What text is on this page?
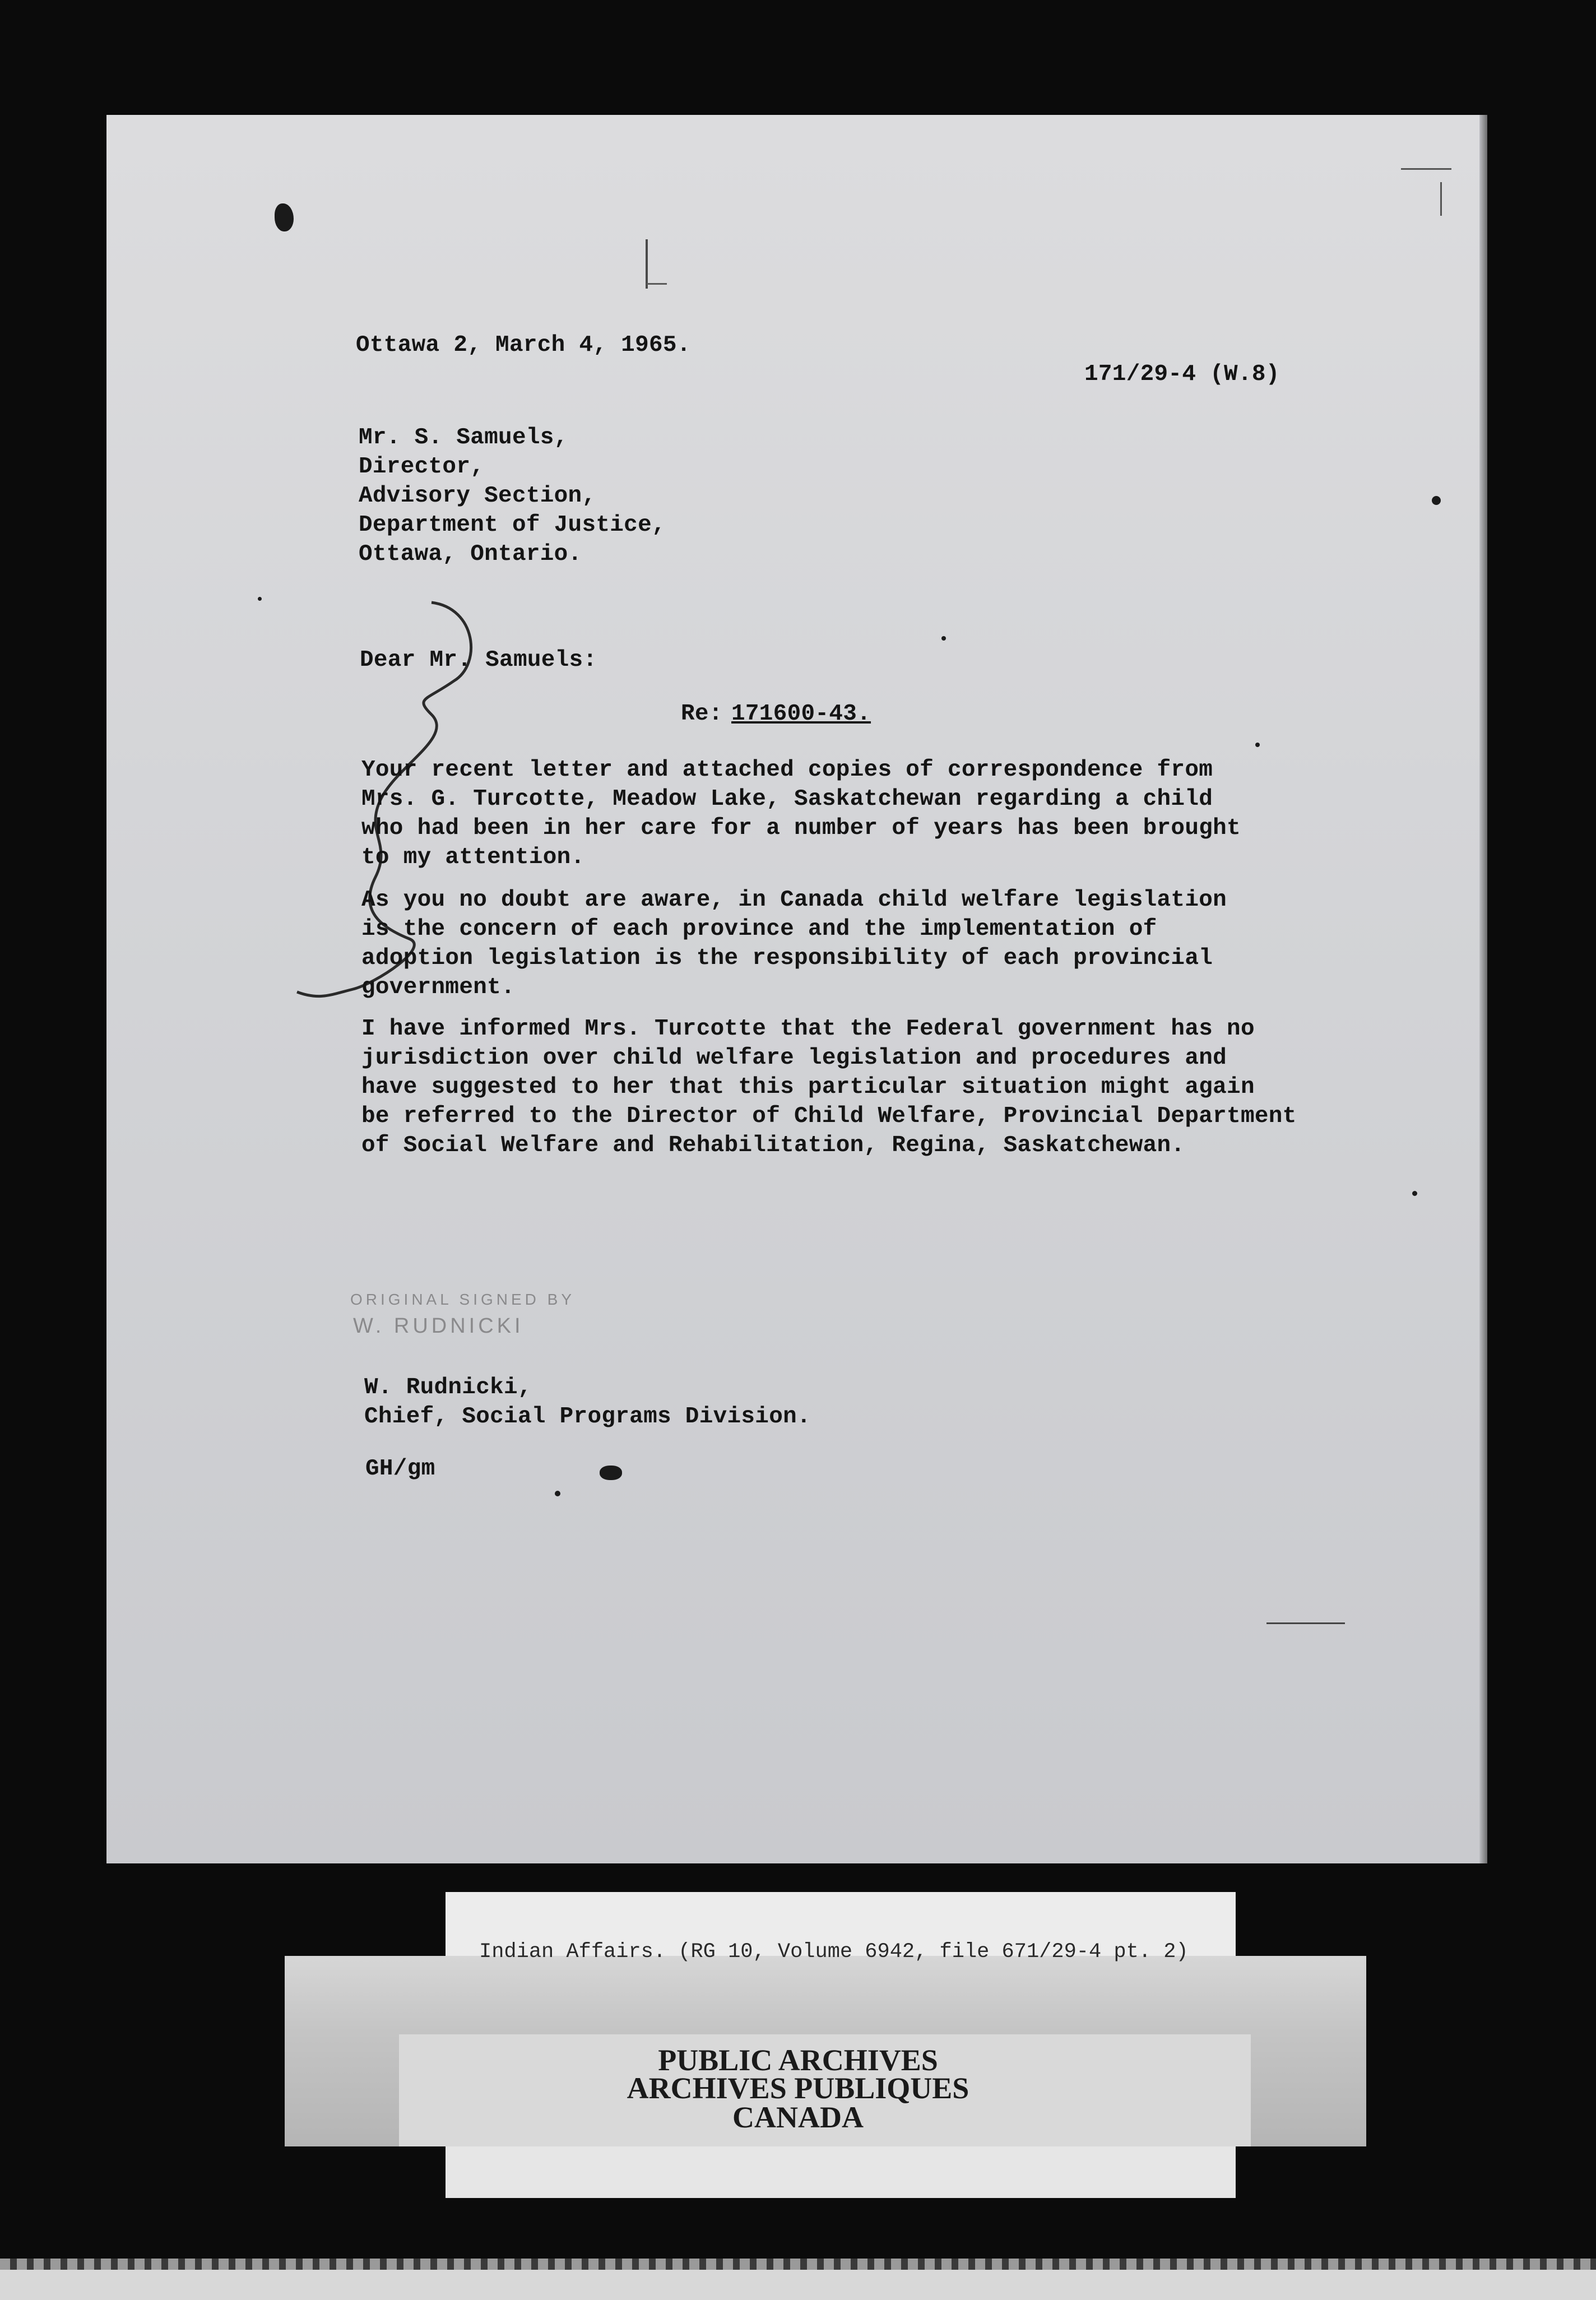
Ottawa 2, March 4, 1965.
171/29-4 (W.8)
Mr. S. Samuels,
Director,
Advisory Section,
Department of Justice,
Ottawa, Ontario.
Dear Mr. Samuels:
Re: 171600-43.
Your recent letter and attached copies of correspondence from
Mrs. G. Turcotte, Meadow Lake, Saskatchewan regarding a child
who had been in her care for a number of years has been brought
to my attention.
As you no doubt are aware, in Canada child welfare legislation
is the concern of each province and the implementation of
adoption legislation is the responsibility of each provincial
government.
I have informed Mrs. Turcotte that the Federal government has no
jurisdiction over child welfare legislation and procedures and
have suggested to her that this particular situation might again
be referred to the Director of Child Welfare, Provincial Department
of Social Welfare and Rehabilitation, Regina, Saskatchewan.
ORIGINAL SIGNED BY
W. RUDNICKI
W. Rudnicki,
Chief, Social Programs Division.
GH/gm
Indian Affairs. (RG 10, Volume 6942, file 671/29-4 pt. 2)
PUBLIC ARCHIVES
ARCHIVES PUBLIQUES
CANADA
